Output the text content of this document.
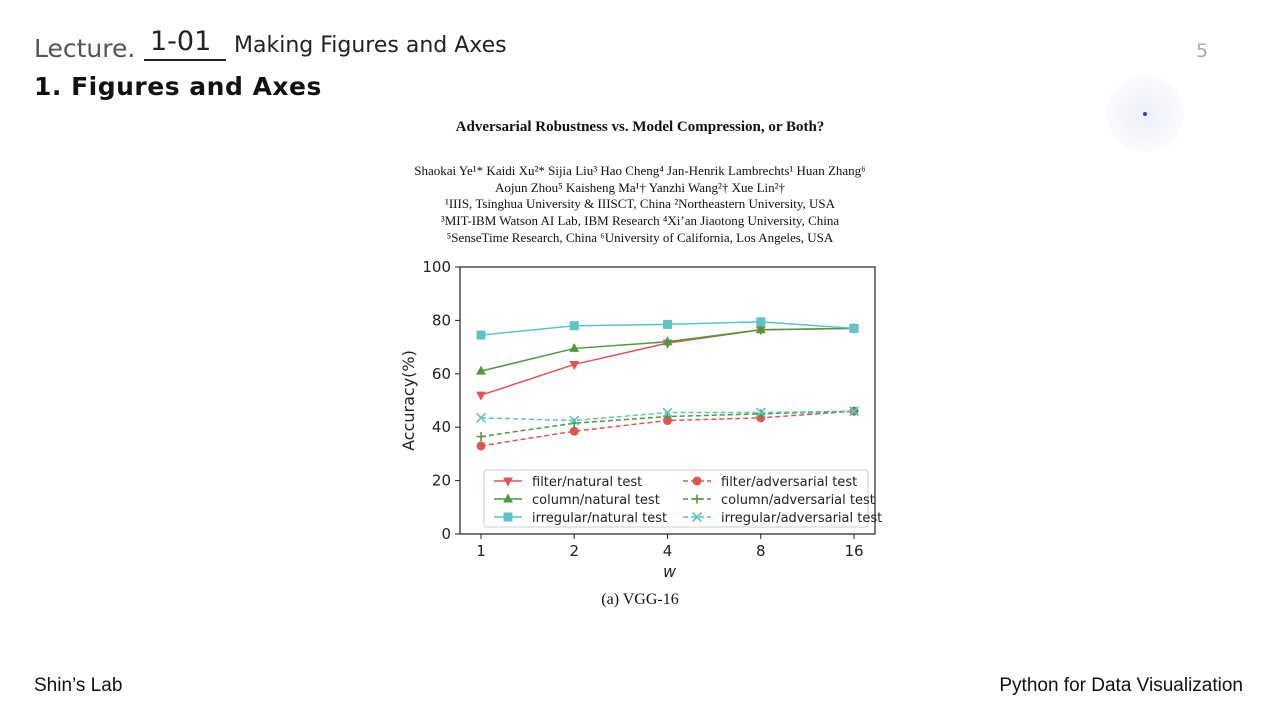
Lecture. 1-01 Making Figures and Axes	5
1. Figures and Axes
Adversarial Robustness vs. Model Compression, or Both?
Shaokai Ye¹* Kaidi Xu²* Sijia Liu³ Hao Cheng⁴ Jan-Henrik Lambrechts¹ Huan Zhang⁶
Aojun Zhou⁵ Kaisheng Ma¹† Yanzhi Wang²† Xue Lin²†
¹IIIS, Tsinghua University & IIISCT, China ²Northeastern University, USA
³MIT-IBM Watson AI Lab, IBM Research ⁴Xi’an Jiaotong University, China
⁵SenseTime Research, China ⁶University of California, Los Angeles, USA
0
20
40
60
80
100
1	2	4	8	16
w
Accuracy(%)
filter/natural test	filter/adversarial test
column/natural test	column/adversarial test
irregular/natural test	irregular/adversarial test
(a) VGG-16
Shin’s Lab	Python for Data Visualization
